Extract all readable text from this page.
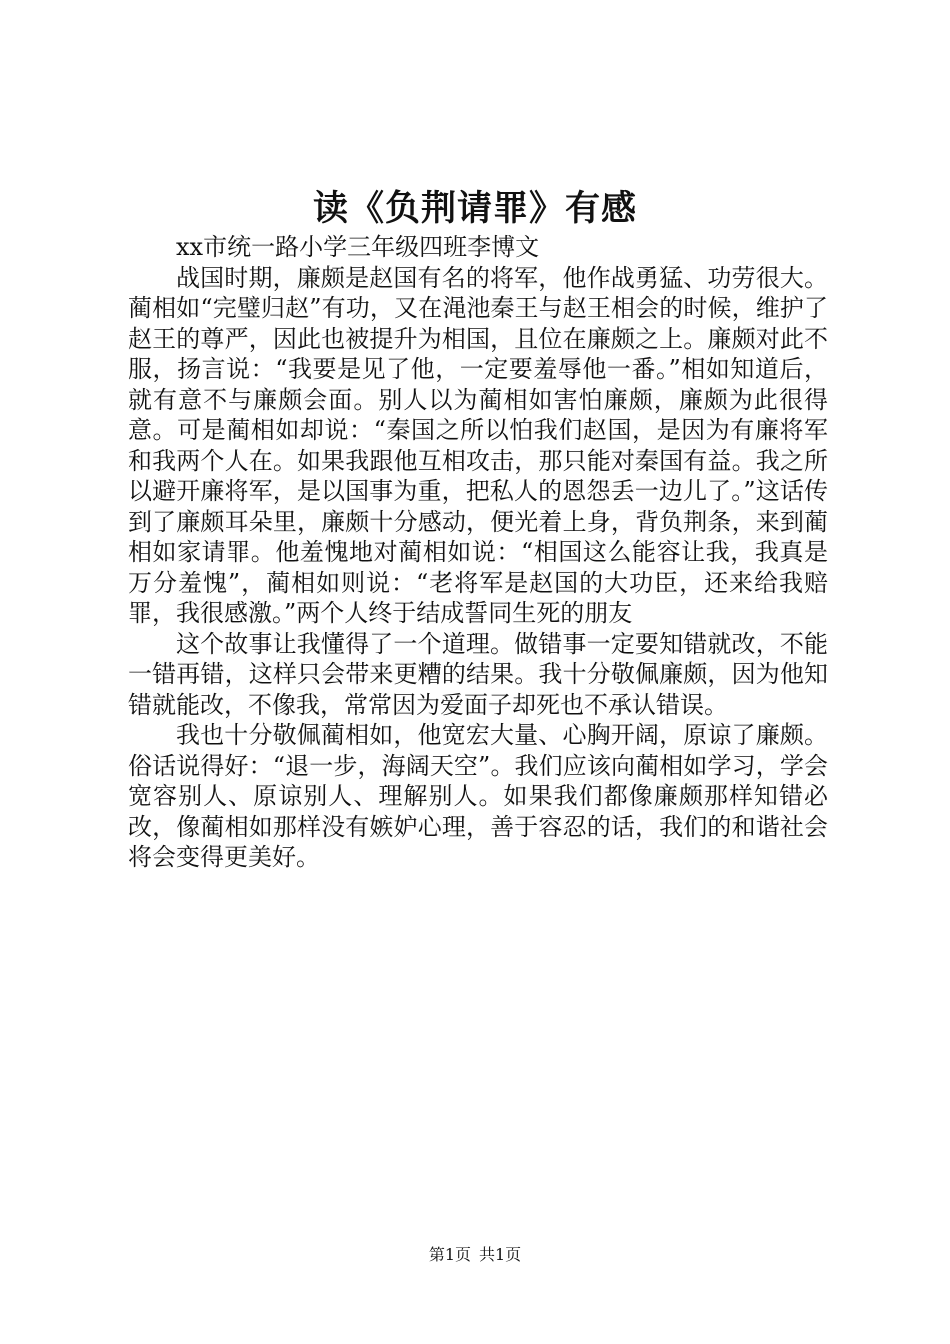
读《负荆请罪》有感

xx市统一路小学三年级四班李博文

战国时期，廉颇是赵国有名的将军，他作战勇猛、功劳很大。蔺相如“完璧归赵”有功，又在渑池秦王与赵王相会的时候，维护了赵王的尊严，因此也被提升为相国，且位在廉颇之上。廉颇对此不服，扬言说：“我要是见了他，一定要羞辱他一番。”相如知道后，就有意不与廉颇会面。别人以为蔺相如害怕廉颇，廉颇为此很得意。可是蔺相如却说：“秦国之所以怕我们赵国，是因为有廉将军和我两个人在。如果我跟他互相攻击，那只能对秦国有益。我之所以避开廉将军，是以国事为重，把私人的恩怨丢一边儿了。”这话传到了廉颇耳朵里，廉颇十分感动，便光着上身，背负荆条，来到蔺相如家请罪。他羞愧地对蔺相如说：“相国这么能容让我，我真是万分羞愧”，蔺相如则说：“老将军是赵国的大功臣，还来给我赔罪，我很感激。”两个人终于结成誓同生死的朋友

这个故事让我懂得了一个道理。做错事一定要知错就改，不能一错再错，这样只会带来更糟的结果。我十分敬佩廉颇，因为他知错就能改，不像我，常常因为爱面子却死也不承认错误。

我也十分敬佩蔺相如，他宽宏大量、心胸开阔，原谅了廉颇。俗话说得好：“退一步，海阔天空”。我们应该向蔺相如学习，学会宽容别人、原谅别人、理解别人。如果我们都像廉颇那样知错必改，像蔺相如那样没有嫉妒心理，善于容忍的话，我们的和谐社会将会变得更美好。

第1页 共1页
